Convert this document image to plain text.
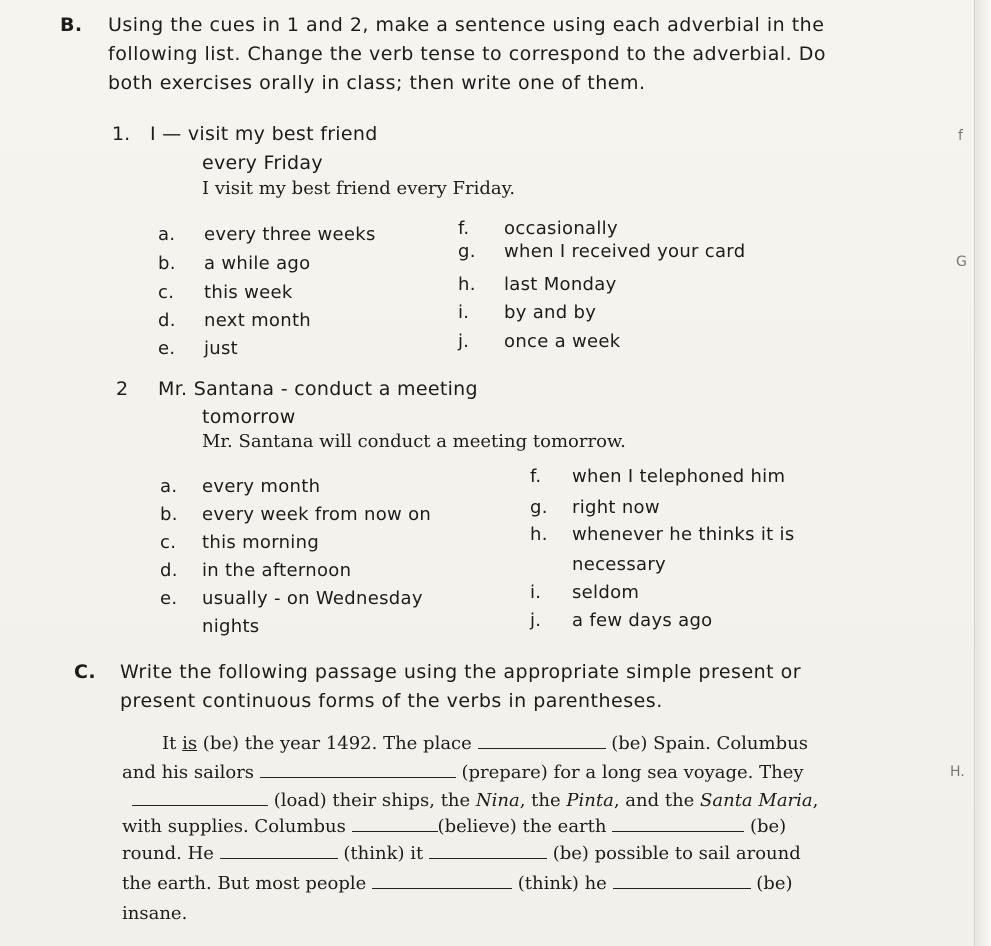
B. Using the cues in 1 and 2, make a sentence using each adverbial in the
following list. Change the verb tense to correspond to the adverbial. Do
both exercises orally in class; then write one of them.
1. I — visit my best friend
every Friday
I visit my best friend every Friday.
a. every three weeks
b. a while ago
c. this week
d. next month
e. just
f. occasionally
g. when I received your card
h. last Monday
i. by and by
j. once a week
2 Mr. Santana - conduct a meeting
tomorrow
Mr. Santana will conduct a meeting tomorrow.
a. every month
b. every week from now on
c. this morning
d. in the afternoon
e. usually - on Wednesday
nights
f. when I telephoned him
g. right now
h. whenever he thinks it is
necessary
i. seldom
j. a few days ago
C. Write the following passage using the appropriate simple present or
present continuous forms of the verbs in parentheses.
It is (be) the year 1492. The place	(be) Spain. Columbus
and his sailors	(prepare) for a long sea voyage. They
(load) their ships, the Nina, the Pinta, and the Santa Maria,
with supplies. Columbus	(believe) the earth	(be)
round. He	(think) it	(be) possible to sail around
the earth. But most people	(think) he	(be)
insane.
f
G
H.
